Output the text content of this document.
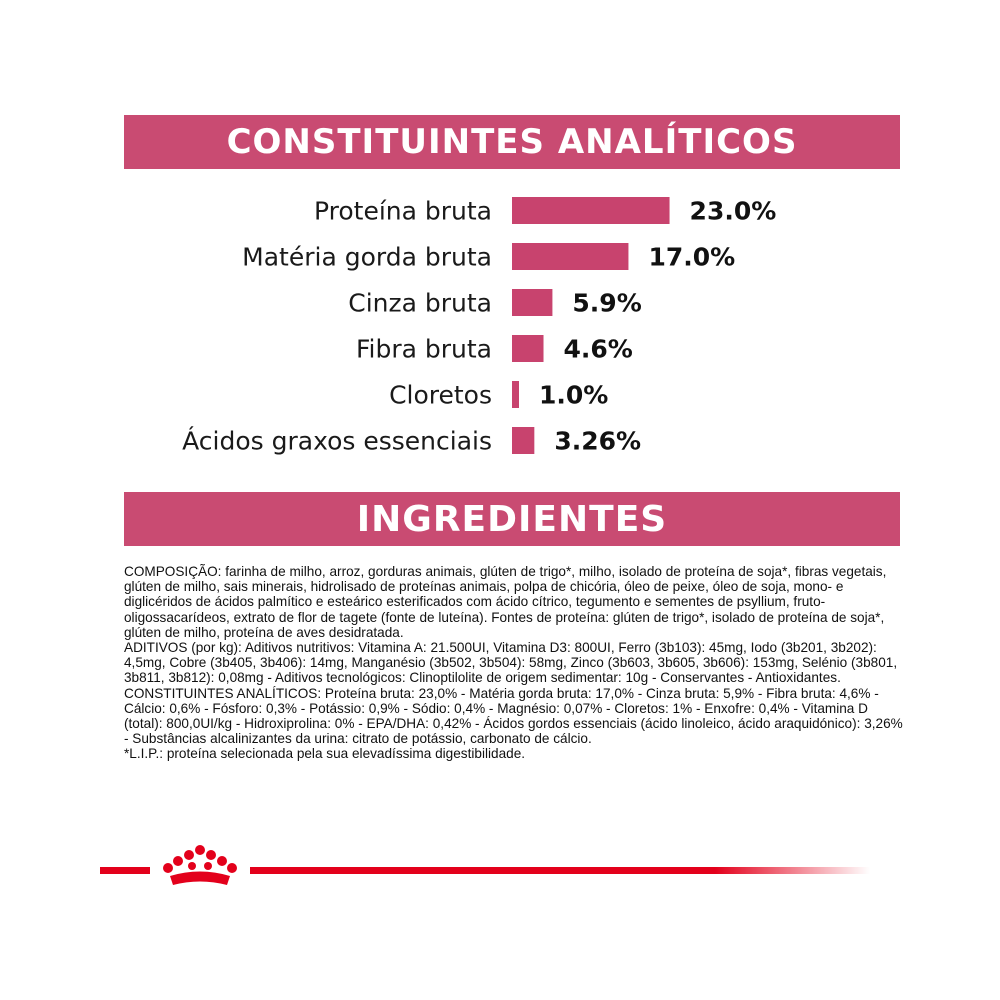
CONSTITUINTES ANALÍTICOS
Proteína bruta	23.0%
Matéria gorda bruta	17.0%
Cinza bruta	5.9%
Fibra bruta	4.6%
Cloretos 1.0%
Ácidos graxos essenciais 3.26%
INGREDIENTES

COMPOSIÇÃO: farinha de milho, arroz, gorduras animais, glúten de trigo*, milho, isolado de proteína de soja*, fibras vegetais, glúten de milho, sais minerais, hidrolisado de proteínas animais, polpa de chicória, óleo de peixe, óleo de soja, mono- e diglicéridos de ácidos palmítico e esteárico esterificados com ácido cítrico, tegumento e sementes de psyllium, fruto-oligossacarídeos, extrato de flor de tagete (fonte de luteína). Fontes de proteína: glúten de trigo*, isolado de proteína de soja*, glúten de milho, proteína de aves desidratada.

ADITIVOS (por kg): Aditivos nutritivos: Vitamina A: 21.500UI, Vitamina D3: 800UI, Ferro (3b103): 45mg, Iodo (3b201, 3b202): 4,5mg, Cobre (3b405, 3b406): 14mg, Manganésio (3b502, 3b504): 58mg, Zinco (3b603, 3b605, 3b606): 153mg, Selénio (3b801, 3b811, 3b812): 0,08mg - Aditivos tecnológicos: Clinoptilolite de origem sedimentar: 10g - Conservantes - Antioxidantes.

CONSTITUINTES ANALÍTICOS: Proteína bruta: 23,0% - Matéria gorda bruta: 17,0% - Cinza bruta: 5,9% - Fibra bruta: 4,6% - Cálcio: 0,6% - Fósforo: 0,3% - Potássio: 0,9% - Sódio: 0,4% - Magnésio: 0,07% - Cloretos: 1% - Enxofre: 0,4% - Vitamina D (total): 800,0UI/kg - Hidroxiprolina: 0% - EPA/DHA: 0,42% - Ácidos gordos essenciais (ácido linoleico, ácido araquidónico): 3,26% - Substâncias alcalinizantes da urina: citrato de potássio, carbonato de cálcio.

*L.I.P.: proteína selecionada pela sua elevadíssima digestibilidade.
